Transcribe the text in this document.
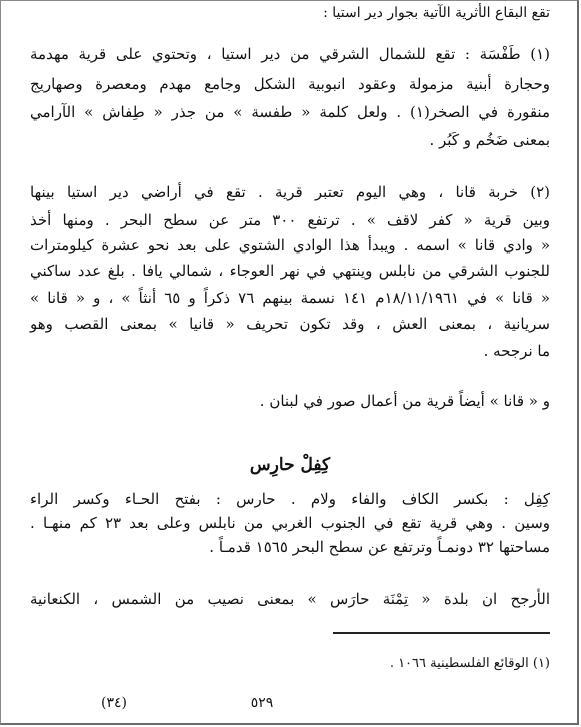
تقع البقاع الأثرية الآتية بجوار دير استيا :
(١) طَفْسَة : تقع للشمال الشرقي من دير استيا ، وتحتوي على قرية مهدمة
وحجارة أبنية مزمولة وعقود انبوبية الشكل وجامع مهدم ومعصرة وصهاريج
منقورة في الصخر(١) . ولعل كلمة « طفسة » من جذر « طِفاش » الآرامي
بمعنى ضَخُم و كَبُر .
(٢) خربة قانا ، وهي اليوم تعتبر قرية . تقع في أراضي دير استيا بينها
وبين قرية « كفر لاقف » . ترتفع ٣٠٠ متر عن سطح البحر . ومنها أخذ
« وادي قانا » اسمه . ويبدأ هذا الوادي الشتوي على بعد نحو عشرة كيلومترات
للجنوب الشرقي من نابلس وينتهي في نهر العوجاء ، شمالي يافا . بلغ عدد ساكني
« قانا » في ١٨/١١/١٩٦١م ١٤١ نسمة بينهم ٧٦ ذكراً و ٦٥ أنثاً » ، و « قانا »
سريانية ، بمعنى العش ، وقد تكون تحريف « قانيا » بمعنى القصب وهو
ما نرجحه .
و « قانا » أيضاً قرية من أعمال صور في لبنان .
كِفِلْ حارِس
كِفِل : بكسر الكاف والفاء ولام . حارس : بفتح الحـاء وكسر الراء
وسين . وهي قرية تقع في الجنوب الغربي من نابلس وعلى بعد ٢٣ كم منهـا .
مساحتها ٣٢ دونمـاً وترتفع عن سطح البحر ١٥٦٥ قدمـاً .
الأرجح ان بلدة « تِمْنَة حارَس » بمعنى نصيب من الشمس ، الكنعانية
(١) الوقائع الفلسطينية ١٠٦٦ .
٥٢٩
(٣٤)
